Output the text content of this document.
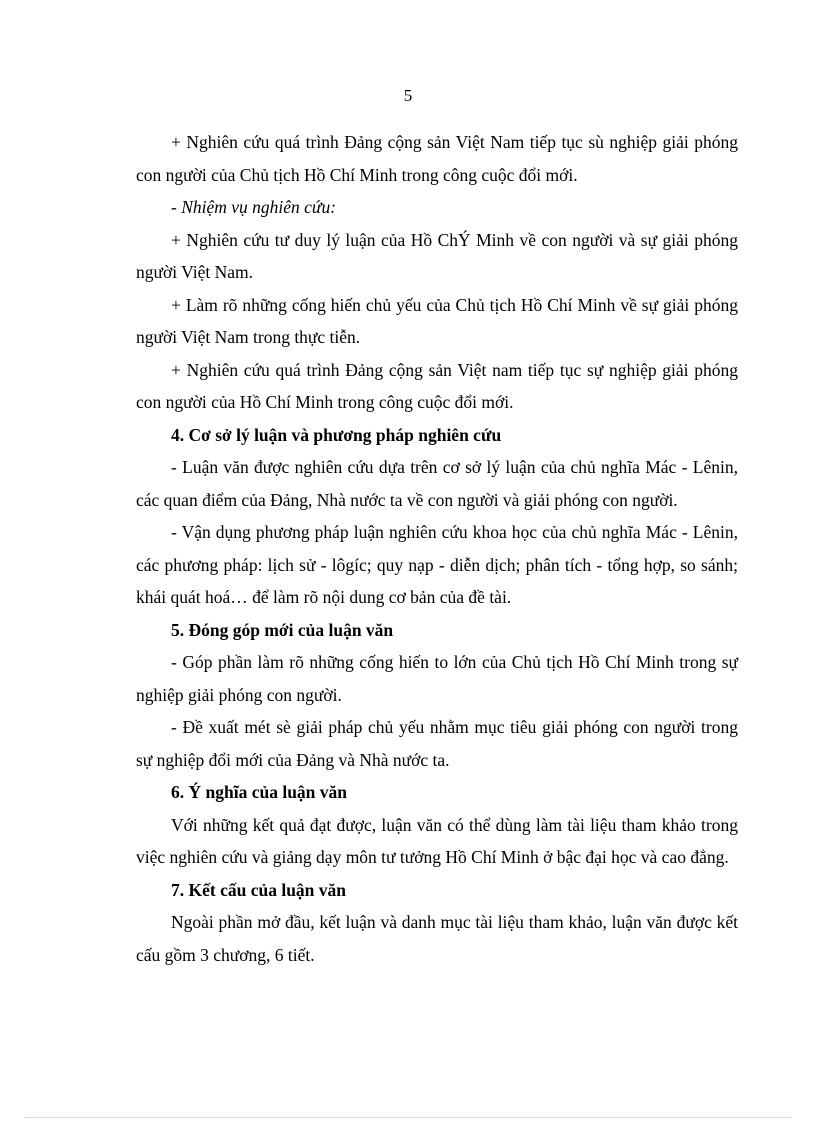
5

+ Nghiên cứu quá trình Đảng cộng sản Việt Nam tiếp tục sù nghiệp giải phóng con người của Chủ tịch Hồ Chí Minh trong công cuộc đổi mới.

- Nhiệm vụ nghiên cứu:

+ Nghiên cứu tư duy lý luận của Hồ ChÝ Minh về con người và sự giải phóng người Việt Nam.

+ Làm rõ những cống hiến chủ yếu của Chủ tịch Hồ Chí Minh về sự giải phóng người Việt Nam trong thực tiễn.

+ Nghiên cứu quá trình Đảng cộng sản Việt nam tiếp tục sự nghiệp giải phóng con người của Hồ Chí Minh trong công cuộc đổi mới.

4. Cơ sở lý luận và phương pháp nghiên cứu

- Luận văn được nghiên cứu dựa trên cơ sở lý luận của chủ nghĩa Mác - Lênin, các quan điểm của Đảng, Nhà nước ta về con người và giải phóng con người.

- Vận dụng phương pháp luận nghiên cứu khoa học của chủ nghĩa Mác - Lênin, các phương pháp: lịch sử - lôgíc; quy nạp - diễn dịch; phân tích - tổng hợp, so sánh; khái quát hoá… để làm rõ nội dung cơ bản của đề tài.

5. Đóng góp mới của luận văn

- Góp phần làm rõ những cống hiến to lớn của Chủ tịch Hồ Chí Minh trong sự nghiệp giải phóng con người.

- Đề xuất mét sè giải pháp chủ yếu nhằm mục tiêu giải phóng con người trong sự nghiệp đổi mới của Đảng và Nhà nước ta.

6. Ý nghĩa của luận văn

Với những kết quả đạt được, luận văn có thể dùng làm tài liệu tham khảo trong việc nghiên cứu và giảng dạy môn tư tưởng Hồ Chí Minh ở bậc đại học và cao đẳng.

7. Kết cấu của luận văn

Ngoài phần mở đầu, kết luận và danh mục tài liệu tham khảo, luận văn được kết cấu gồm 3 chương, 6 tiết.
